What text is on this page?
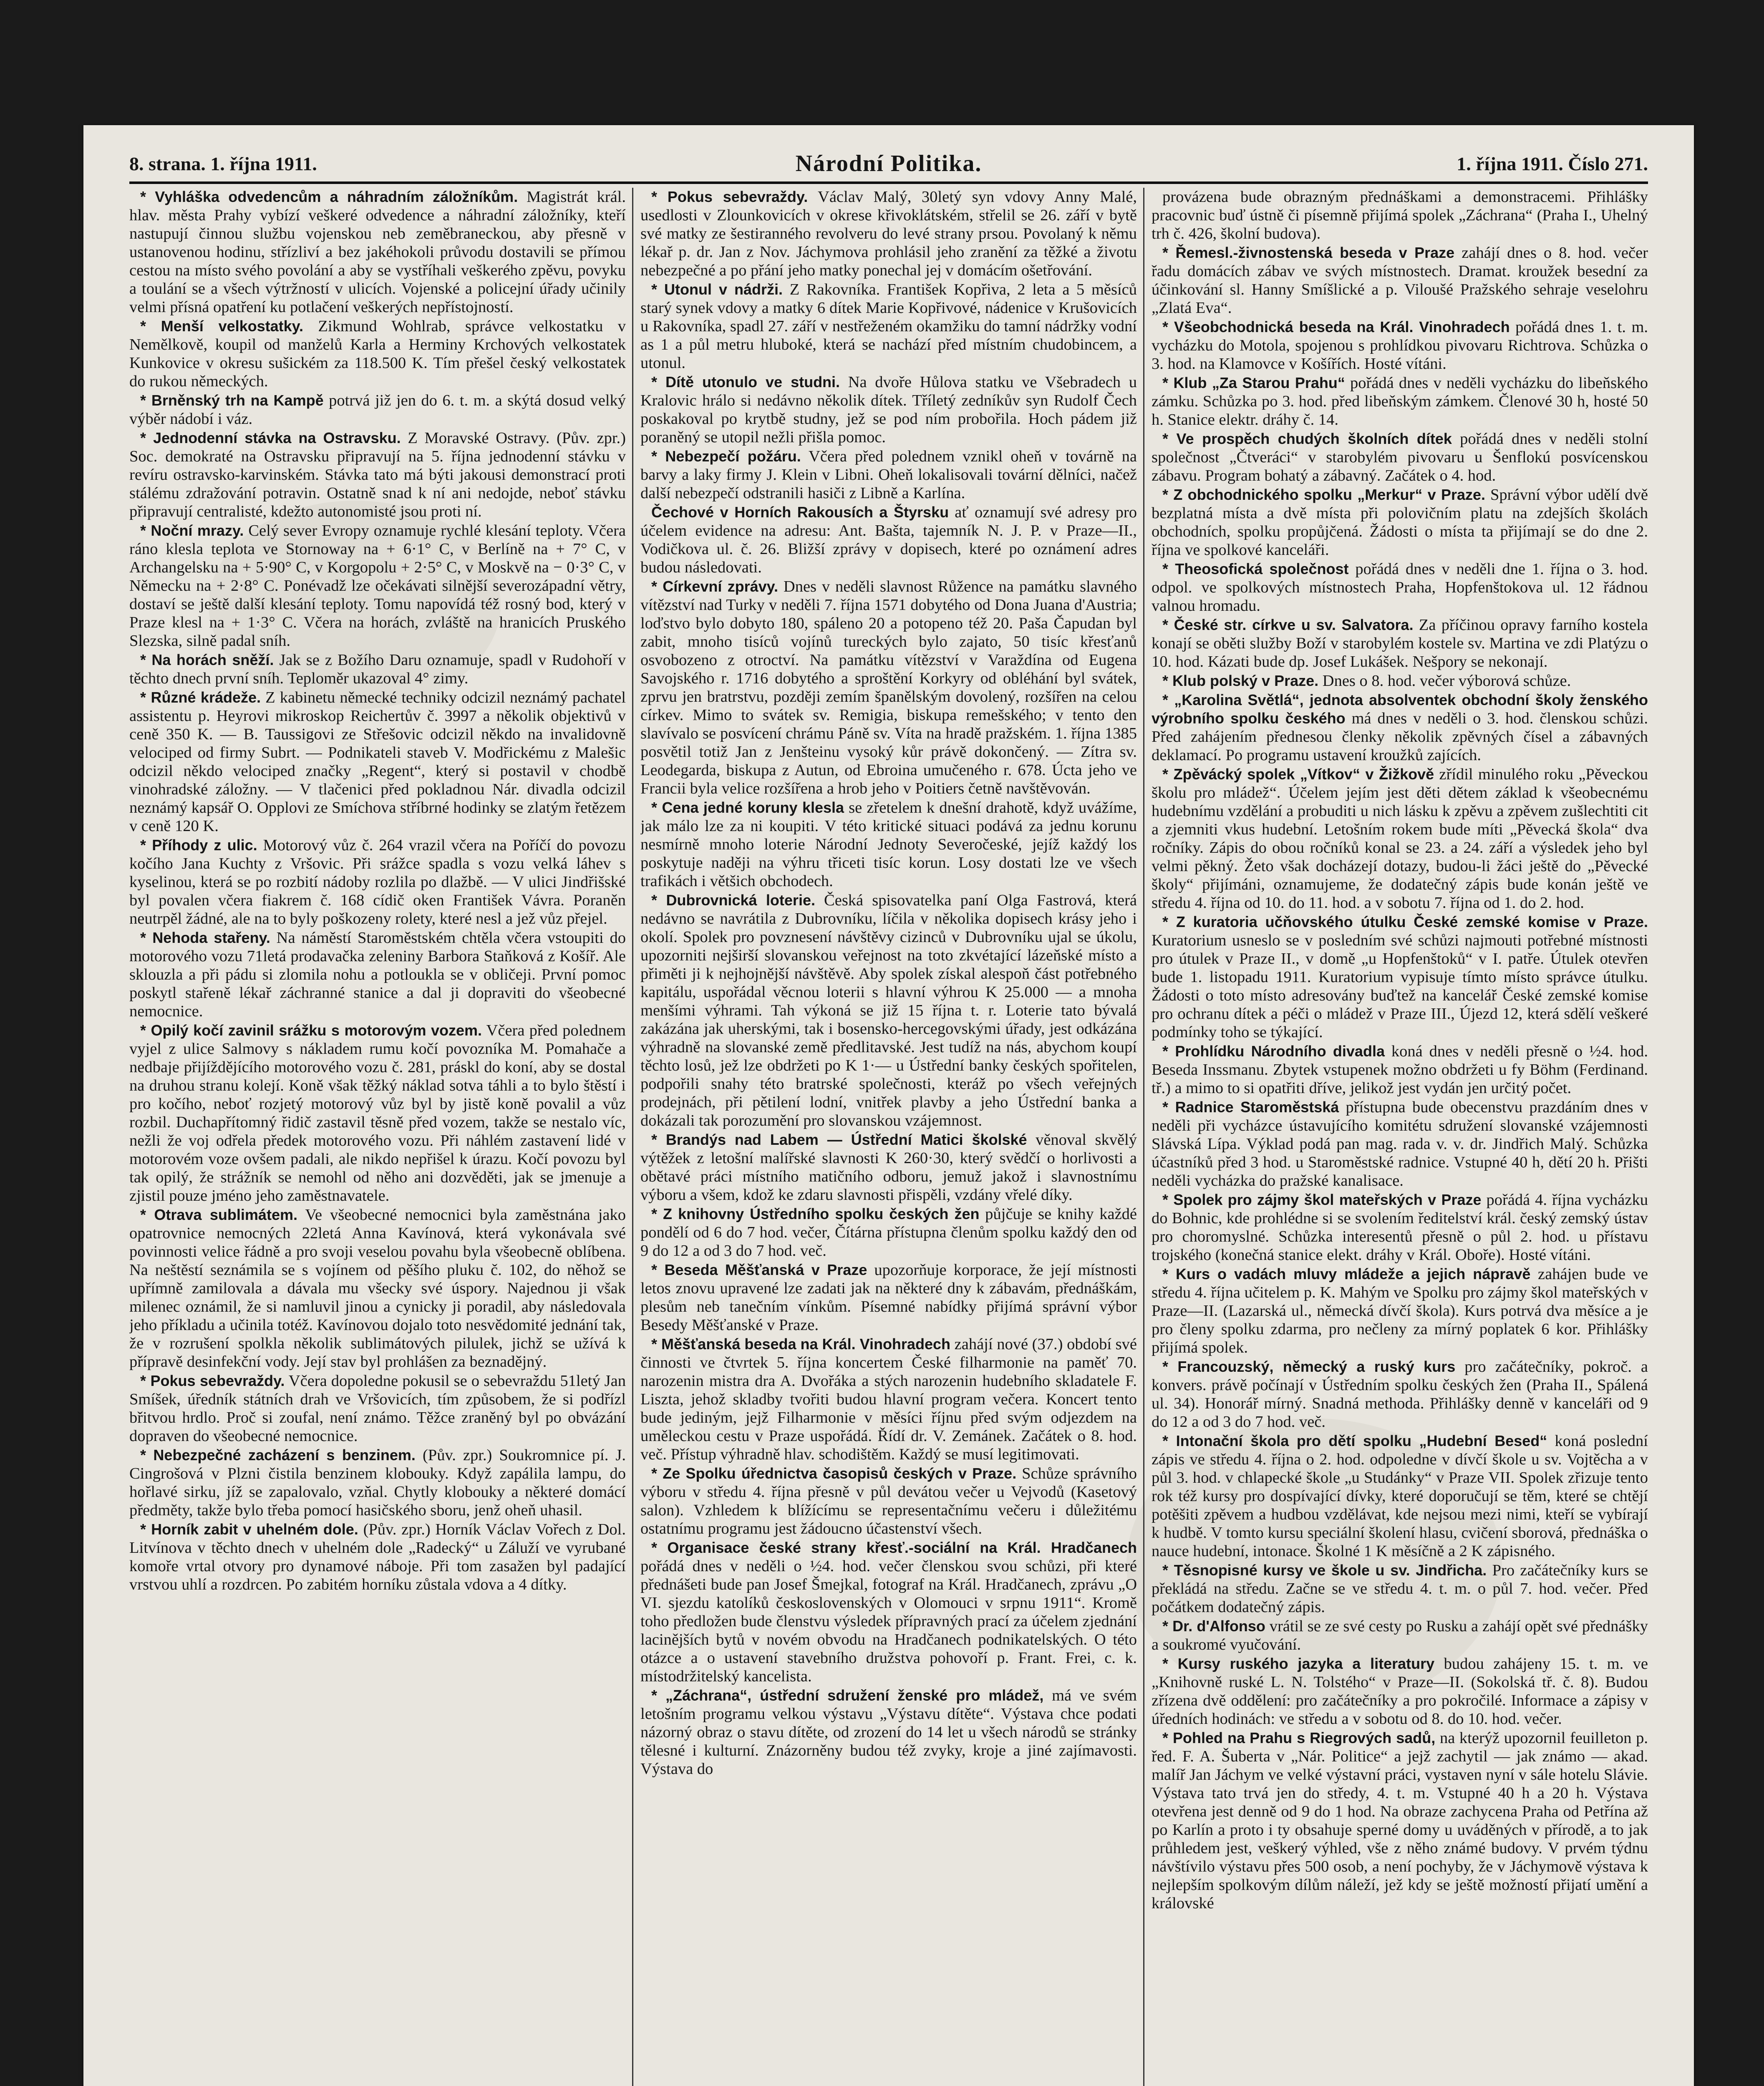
8. strana. 1. října 1911.	Národní Politika.	1. října 1911. Číslo 271.

* Vyhláška odvedencům a náhradním záložníkům. Magistrát král. hlav. města Prahy vybízí veškeré odvedence a náhradní záložníky, kteří nastupují činnou službu vojenskou neb zeměbraneckou, aby přesně v ustanovenou hodinu, střízliví a bez jakéhokoli průvodu dostavili se přímou cestou na místo svého povolání a aby se vystříhali veškerého zpěvu, povyku a toulání se a všech výtržností v ulicích. Vojenské a policejní úřady učinily velmi přísná opatření ku potlačení veškerých nepřístojností.

* Menší velkostatky. Zikmund Wohlrab, správce velkostatku v Nemělkově, koupil od manželů Karla a Herminy Krchových velkostatek Kunkovice v okresu sušickém za 118.500 K. Tím přešel český velkostatek do rukou německých.

* Brněnský trh na Kampě potrvá již jen do 6. t. m. a skýtá dosud velký výběr nádobí i váz.

* Jednodenní stávka na Ostravsku. Z Moravské Ostravy. (Pův. zpr.) Soc. demokraté na Ostravsku připravují na 5. října jednodenní stávku v revíru ostravsko-karvinském. Stávka tato má býti jakousi demonstrací proti stálému zdražování potravin. Ostatně snad k ní ani nedojde, neboť stávku připravují centralisté, kdežto autonomisté jsou proti ní.

* Noční mrazy. Celý sever Evropy oznamuje rychlé klesání teploty. Včera ráno klesla teplota ve Stornoway na + 6·1° C, v Berlíně na + 7° C, v Archangelsku na + 5·90° C, v Korgopolu + 2·5° C, v Moskvě na − 0·3° C, v Německu na + 2·8° C. Ponévadž lze očekávati silnější severozápadní větry, dostaví se ještě další klesání teploty. Tomu napovídá též rosný bod, který v Praze klesl na + 1·3° C. Včera na horách, zvláště na hranicích Pruského Slezska, silně padal sníh.

* Na horách sněží. Jak se z Božího Daru oznamuje, spadl v Rudohoří v těchto dnech první sníh. Teploměr ukazoval 4° zimy.

* Různé krádeže. Z kabinetu německé techniky odcizil neznámý pachatel assistentu p. Heyrovi mikroskop Reichertův č. 3997 a několik objektivů v ceně 350 K. — B. Taussigovi ze Střešovic odcizil někdo na invalidovně velociped od firmy Subrt. — Podnikateli staveb V. Modřickému z Malešic odcizil někdo velociped značky „Regent“, který si postavil v chodbě vinohradské záložny. — V tlačenici před pokladnou Nár. divadla odcizil neznámý kapsář O. Opplovi ze Smíchova stříbrné hodinky se zlatým řetězem v ceně 120 K.

* Příhody z ulic. Motorový vůz č. 264 vrazil včera na Poříčí do povozu kočího Jana Kuchty z Vršovic. Při srážce spadla s vozu velká láhev s kyselinou, která se po rozbití nádoby rozlila po dlažbě. — V ulici Jindřišské byl povalen včera fiakrem č. 168 cídič oken František Vávra. Poraněn neutrpěl žádné, ale na to byly poškozeny rolety, které nesl a jež vůz přejel.

* Nehoda stařeny. Na náměstí Staroměstském chtěla včera vstoupiti do motorového vozu 71letá prodavačka zeleniny Barbora Staňková z Košíř. Ale sklouzla a při pádu si zlomila nohu a potloukla se v obličeji. První pomoc poskytl stařeně lékař záchranné stanice a dal ji dopraviti do všeobecné nemocnice.

* Opilý kočí zavinil srážku s motorovým vozem. Včera před polednem vyjel z ulice Salmovy s nákladem rumu kočí povozníka M. Pomahače a nedbaje přijíždějícího motorového vozu č. 281, práskl do koní, aby se dostal na druhou stranu kolejí. Koně však těžký náklad sotva táhli a to bylo štěstí i pro kočího, neboť rozjetý motorový vůz byl by jistě koně povalil a vůz rozbil. Duchapřítomný řidič zastavil těsně před vozem, takže se nestalo víc, nežli že voj odřela předek motorového vozu. Při náhlém zastavení lidé v motorovém voze ovšem padali, ale nikdo nepřišel k úrazu. Kočí povozu byl tak opilý, že strážník se nemohl od něho ani dozvěděti, jak se jmenuje a zjistil pouze jméno jeho zaměstnavatele.

* Otrava sublimátem. Ve všeobecné nemocnici byla zaměstnána jako opatrovnice nemocných 22letá Anna Kavínová, která vykonávala své povinnosti velice řádně a pro svoji veselou povahu byla všeobecně oblíbena. Na neštěstí seznámila se s vojínem od pěšího pluku č. 102, do něhož se upřímně zamilovala a dávala mu všecky své úspory. Najednou ji však milenec oznámil, že si namluvil jinou a cynicky ji poradil, aby následovala jeho příkladu a učinila totéž. Kavínovou dojalo toto nesvědomité jednání tak, že v rozrušení spolkla několik sublimátových pilulek, jichž se užívá k přípravě desinfekční vody. Její stav byl prohlášen za beznadějný.

* Pokus sebevraždy. Včera dopoledne pokusil se o sebevraždu 51letý Jan Smíšek, úředník státních drah ve Vršovicích, tím způsobem, že si podřízl břitvou hrdlo. Proč si zoufal, není známo. Těžce zraněný byl po obvázání dopraven do všeobecné nemocnice.

* Nebezpečné zacházení s benzinem. (Pův. zpr.) Soukromnice pí. J. Cingrošová v Plzni čistila benzinem klobouky. Když zapálila lampu, do hořlavé sirku, jíž se zapalovalo, vzňal. Chytly klobouky a některé domácí předměty, takže bylo třeba pomocí hasičského sboru, jenž oheň uhasil.

* Horník zabit v uhelném dole. (Pův. zpr.) Horník Václav Vořech z Dol. Litvínova v těchto dnech v uhelném dole „Radecký“ u Záluží ve vyrubané komoře vrtal otvory pro dynamové náboje. Při tom zasažen byl padající vrstvou uhlí a rozdrcen. Po zabitém horníku zůstala vdova a 4 dítky.

* Pokus sebevraždy. Václav Malý, 30letý syn vdovy Anny Malé, usedlosti v Zlounkovicích v okrese křivoklátském, střelil se 26. září v bytě své matky ze šestiranného revolveru do levé strany prsou. Povolaný k němu lékař p. dr. Jan z Nov. Jáchymova prohlásil jeho zranění za těžké a životu nebezpečné a po přání jeho matky ponechal jej v domácím ošetřování.

* Utonul v nádrži. Z Rakovníka. František Kopřiva, 2 leta a 5 měsíců starý synek vdovy a matky 6 dítek Marie Kopřivové, nádenice v Krušovicích u Rakovníka, spadl 27. září v nestřeženém okamžiku do tamní nádržky vodní as 1 a půl metru hluboké, která se nachází před místním chudobincem, a utonul.

* Dítě utonulo ve studni. Na dvoře Hůlova statku ve Všebradech u Kralovic hrálo si nedávno několik dítek. Tříletý zedníkův syn Rudolf Čech poskakoval po krytbě studny, jež se pod ním probořila. Hoch pádem již poraněný se utopil nežli přišla pomoc.

* Nebezpečí požáru. Včera před polednem vznikl oheň v továrně na barvy a laky firmy J. Klein v Libni. Oheň lokalisovali tovární dělníci, načež další nebezpečí odstranili hasiči z Libně a Karlína.

Čechové v Horních Rakousích a Štyrsku ať oznamují své adresy pro účelem evidence na adresu: Ant. Bašta, tajemník N. J. P. v Praze—II., Vodičkova ul. č. 26. Bližší zprávy v dopisech, které po oznámení adres budou následovati.

* Církevní zprávy. Dnes v neděli slavnost Růžence na památku slavného vítězství nad Turky v neděli 7. října 1571 dobytého od Dona Juana d'Austria; loďstvo bylo dobyto 180, spáleno 20 a potopeno též 20. Paša Čapudan byl zabit, mnoho tisíců vojínů tureckých bylo zajato, 50 tisíc křesťanů osvobozeno z otroctví. Na památku vítězství v Varaždína od Eugena Savojského r. 1716 dobytého a sproštění Korkyry od obléhání byl svátek, zprvu jen bratrstvu, později zemím španělským dovolený, rozšířen na celou církev. Mimo to svátek sv. Remigia, biskupa remešského; v tento den slavívalo se posvícení chrámu Páně sv. Víta na hradě pražském. 1. října 1385 posvětil totiž Jan z Jenšteinu vysoký kůr právě dokončený. — Zítra sv. Leodegarda, biskupa z Autun, od Ebroina umučeného r. 678. Úcta jeho ve Francii byla velice rozšířena a hrob jeho v Poitiers četně navštěvován.

* Cena jedné koruny klesla se zřetelem k dnešní drahotě, když uvážíme, jak málo lze za ni koupiti. V této kritické situaci podává za jednu korunu nesmírně mnoho loterie Národní Jednoty Severočeské, jejíž každý los poskytuje naději na výhru třiceti tisíc korun. Losy dostati lze ve všech trafikách i většich obchodech.

* Dubrovnická loterie. Česká spisovatelka paní Olga Fastrová, která nedávno se navrátila z Dubrovníku, líčila v několika dopisech krásy jeho i okolí. Spolek pro povznesení návštěvy cizinců v Dubrovníku ujal se úkolu, upozorniti nejširší slovanskou veřejnost na toto zkvétající lázeňské místo a přiměti ji k nejhojnější návštěvě. Aby spolek získal alespoň část potřebného kapitálu, uspořádal věcnou loterii s hlavní výhrou K 25.000 — a mnoha menšími výhrami. Tah výkoná se již 15 října t. r. Loterie tato bývalá zakázána jak uherskými, tak i bosensko-hercegovskými úřady, jest odkázána výhradně na slovanské země předlitavské. Jest tudíž na nás, abychom koupí těchto losů, jež lze obdržeti po K 1·— u Ústřední banky českých spořitelen, podpořili snahy této bratrské společnosti, kteráž po všech veřejných prodejnách, při pětilení lodní, vnitřek plavby a jeho Ústřední banka a dokázali tak porozumění pro slovanskou vzájemnost.

* Brandýs nad Labem — Ústřední Matici školské věnoval skvělý výtěžek z letošní malířské slavnosti K 260·30, který svědčí o horlivosti a obětavé práci místního matičního odboru, jemuž jakož i slavnostnímu výboru a všem, kdož ke zdaru slavnosti přispěli, vzdány vřelé díky.

* Z knihovny Ústředního spolku českých žen půjčuje se knihy každé pondělí od 6 do 7 hod. večer, Čítárna přístupna členům spolku každý den od 9 do 12 a od 3 do 7 hod. več.

* Beseda Měšťanská v Praze upozorňuje korporace, že její místnosti letos znovu upravené lze zadati jak na některé dny k zábavám, přednáškám, plesům neb tanečním vínkům. Písemné nabídky přijímá správní výbor Besedy Měšťanské v Praze.

* Měšťanská beseda na Král. Vinohradech zahájí nové (37.) období své činnosti ve čtvrtek 5. října koncertem České filharmonie na paměť 70. narozenin mistra dra A. Dvořáka a stých narozenin hudebního skladatele F. Liszta, jehož skladby tvořiti budou hlavní program večera. Koncert tento bude jediným, jejž Filharmonie v měsíci říjnu před svým odjezdem na uměleckou cestu v Praze uspořádá. Řídí dr. V. Zemánek. Začátek o 8. hod. več. Přístup výhradně hlav. schodištěm. Každý se musí legitimovati.

* Ze Spolku úřednictva časopisů českých v Praze. Schůze správního výboru v středu 4. října přesně v půl devátou večer u Vejvodů (Kasetový salon). Vzhledem k blížícímu se representačnímu večeru i důležitému ostatnímu programu jest žádoucno účastenství všech.

* Organisace české strany křesť.-sociální na Král. Hradčanech pořádá dnes v neděli o ½4. hod. večer členskou svou schůzi, při které přednášeti bude pan Josef Šmejkal, fotograf na Král. Hradčanech, zprávu „O VI. sjezdu katolíků československých v Olomouci v srpnu 1911“. Kromě toho předložen bude členstvu výsledek přípravných prací za účelem zjednání lacinějších bytů v novém obvodu na Hradčanech podnikatelských. O této otázce a o ustavení stavebního družstva pohovoří p. Frant. Frei, c. k. místodržitelský kancelista.

* „Záchrana“, ústřední sdružení ženské pro mládež, má ve svém letošním programu velkou výstavu „Výstavu dítěte“. Výstava chce podati názorný obraz o stavu dítěte, od zrození do 14 let u všech národů se stránky tělesné i kulturní. Znázorněny budou též zvyky, kroje a jiné zajímavosti. Výstava do

provázena bude obrazným přednáškami a demonstracemi. Přihlášky pracovnic buď ústně či písemně přijímá spolek „Záchrana“ (Praha I., Uhelný trh č. 426, školní budova).

* Řemesl.-živnostenská beseda v Praze zahájí dnes o 8. hod. večer řadu domácích zábav ve svých místnostech. Dramat. kroužek besední za účinkování sl. Hanny Smíšlické a p. Viloušé Pražského sehraje veselohru „Zlatá Eva“.

* Všeobchodnická beseda na Král. Vinohradech pořádá dnes 1. t. m. vycházku do Motola, spojenou s prohlídkou pivovaru Richtrova. Schůzka o 3. hod. na Klamovce v Košířích. Hosté vítáni.

* Klub „Za Starou Prahu“ pořádá dnes v neděli vycházku do libeňského zámku. Schůzka po 3. hod. před libeňským zámkem. Členové 30 h, hosté 50 h. Stanice elektr. dráhy č. 14.

* Ve prospěch chudých školních dítek pořádá dnes v neděli stolní společnost „Čtveráci“ v starobylém pivovaru u Šenflokú posvícenskou zábavu. Program bohatý a zábavný. Začátek o 4. hod.

* Z obchodnického spolku „Merkur“ v Praze. Správní výbor udělí dvě bezplatná místa a dvě místa při polovičním platu na zdejších školách obchodních, spolku propůjčená. Žádosti o místa ta přijímají se do dne 2. října ve spolkové kanceláři.

* Theosofická společnost pořádá dnes v neděli dne 1. října o 3. hod. odpol. ve spolkových místnostech Praha, Hopfenštokova ul. 12 řádnou valnou hromadu.

* České str. církve u sv. Salvatora. Za příčinou opravy farního kostela konají se oběti služby Boží v starobylém kostele sv. Martina ve zdi Platýzu o 10. hod. Kázati bude dp. Josef Lukášek. Nešpory se nekonají.

* Klub polský v Praze. Dnes o 8. hod. večer výborová schůze.

* „Karolina Světlá“, jednota absolventek obchodní školy ženského výrobního spolku českého má dnes v neděli o 3. hod. členskou schůzi. Před zahájením přednesou členky několik zpěvných čísel a zábavných deklamací. Po programu ustavení kroužků zajících.

* Zpěvácký spolek „Vítkov“ v Žižkově zřídil minulého roku „Pěveckou školu pro mládež“. Účelem jejím jest děti dětem základ k všeobecnému hudebnímu vzdělání a probuditi u nich lásku k zpěvu a zpěvem zušlechtiti cit a zjemniti vkus hudební. Letošním rokem bude míti „Pěvecká škola“ dva ročníky. Zápis do obou ročníků konal se 23. a 24. září a výsledek jeho byl velmi pěkný. Žeto však docházejí dotazy, budou-li žáci ještě do „Pěvecké školy“ přijímáni, oznamujeme, že dodatečný zápis bude konán ještě ve středu 4. října od 10. do 11. hod. a v sobotu 7. října od 1. do 2. hod.

* Z kuratoria učňovského útulku České zemské komise v Praze. Kuratorium usneslo se v posledním své schůzi najmouti potřebné místnosti pro útulek v Praze II., v domě „u Hopfenštoků“ v I. patře. Útulek otevřen bude 1. listopadu 1911. Kuratorium vypisuje tímto místo správce útulku. Žádosti o toto místo adresovány buďtež na kancelář České zemské komise pro ochranu dítek a péči o mládež v Praze III., Újezd 12, která sdělí veškeré podmínky toho se týkající.

* Prohlídku Národního divadla koná dnes v neděli přesně o ½4. hod. Beseda Inssmanu. Zbytek vstupenek možno obdržeti u fy Böhm (Ferdinand. tř.) a mimo to si opatřiti dříve, jelikož jest vydán jen určitý počet.

* Radnice Staroměstská přístupna bude obecenstvu prazdáním dnes v neděli při vycházce ústavujícího komitétu sdružení slovanské vzájemnosti Slávská Lípa. Výklad podá pan mag. rada v. v. dr. Jindřich Malý. Schůzka účastníků před 3 hod. u Staroměstské radnice. Vstupné 40 h, dětí 20 h. Přišti neděli vycházka do pražské kanalisace.

* Spolek pro zájmy škol mateřských v Praze pořádá 4. října vycházku do Bohnic, kde prohlédne si se svolením ředitelství král. český zemský ústav pro choromyslné. Schůzka interesentů přesně o půl 2. hod. u přístavu trojského (konečná stanice elekt. dráhy v Král. Oboře). Hosté vítáni.

* Kurs o vadách mluvy mládeže a jejich nápravě zahájen bude ve středu 4. října učitelem p. K. Mahým ve Spolku pro zájmy škol mateřských v Praze—II. (Lazarská ul., německá dívčí škola). Kurs potrvá dva měsíce a je pro členy spolku zdarma, pro nečleny za mírný poplatek 6 kor. Přihlášky přijímá spolek.

* Francouzský, německý a ruský kurs pro začátečníky, pokroč. a konvers. právě počínají v Ústředním spolku českých žen (Praha II., Spálená ul. 34). Honorář mírný. Snadná methoda. Přihlášky denně v kanceláři od 9 do 12 a od 3 do 7 hod. več.

* Intonační škola pro dětí spolku „Hudební Besed“ koná poslední zápis ve středu 4. října o 2. hod. odpoledne v dívčí škole u sv. Vojtěcha a v půl 3. hod. v chlapecké škole „u Studánky“ v Praze VII. Spolek zřizuje tento rok též kursy pro dospívající dívky, které doporučují se těm, které se chtějí potěšiti zpěvem a hudbou vzdělávat, kde nejsou mezi nimi, kteří se vybírají k hudbě. V tomto kursu speciální školení hlasu, cvičení sborová, přednáška o nauce hudební, intonace. Školné 1 K měsíčně a 2 K zápisného.

* Těsnopisné kursy ve škole u sv. Jindřicha. Pro začátečníky kurs se překládá na středu. Začne se ve středu 4. t. m. o půl 7. hod. večer. Před počátkem dodatečný zápis.

* Dr. d'Alfonso vrátil se ze své cesty po Rusku a zahájí opět své přednášky a soukromé vyučování.

* Kursy ruského jazyka a literatury budou zahájeny 15. t. m. ve „Knihovně ruské L. N. Tolstého“ v Praze—II. (Sokolská tř. č. 8). Budou zřízena dvě oddělení: pro začátečníky a pro pokročilé. Informace a zápisy v úředních hodinách: ve středu a v sobotu od 8. do 10. hod. večer.

* Pohled na Prahu s Riegrových sadů, na kterýž upozornil feuilleton p. řed. F. A. Šuberta v „Nár. Politice“ a jejž zachytil — jak známo — akad. malíř Jan Jáchym ve velké výstavní práci, vystaven nyní v sále hotelu Slávie. Výstava tato trvá jen do středy, 4. t. m. Vstupné 40 h a 20 h. Výstava otevřena jest denně od 9 do 1 hod. Na obraze zachycena Praha od Petřína až po Karlín a proto i ty obsahuje sperné domy u uváděných v přírodě, a to jak průhledem jest, veškerý výhled, vše z něho známé budovy. V prvém týdnu návštívilo výstavu přes 500 osob, a není pochyby, že v Jáchymově výstava k nejlepším spolkovým dílům náleží, jež kdy se ještě možností přijatí umění a královské
